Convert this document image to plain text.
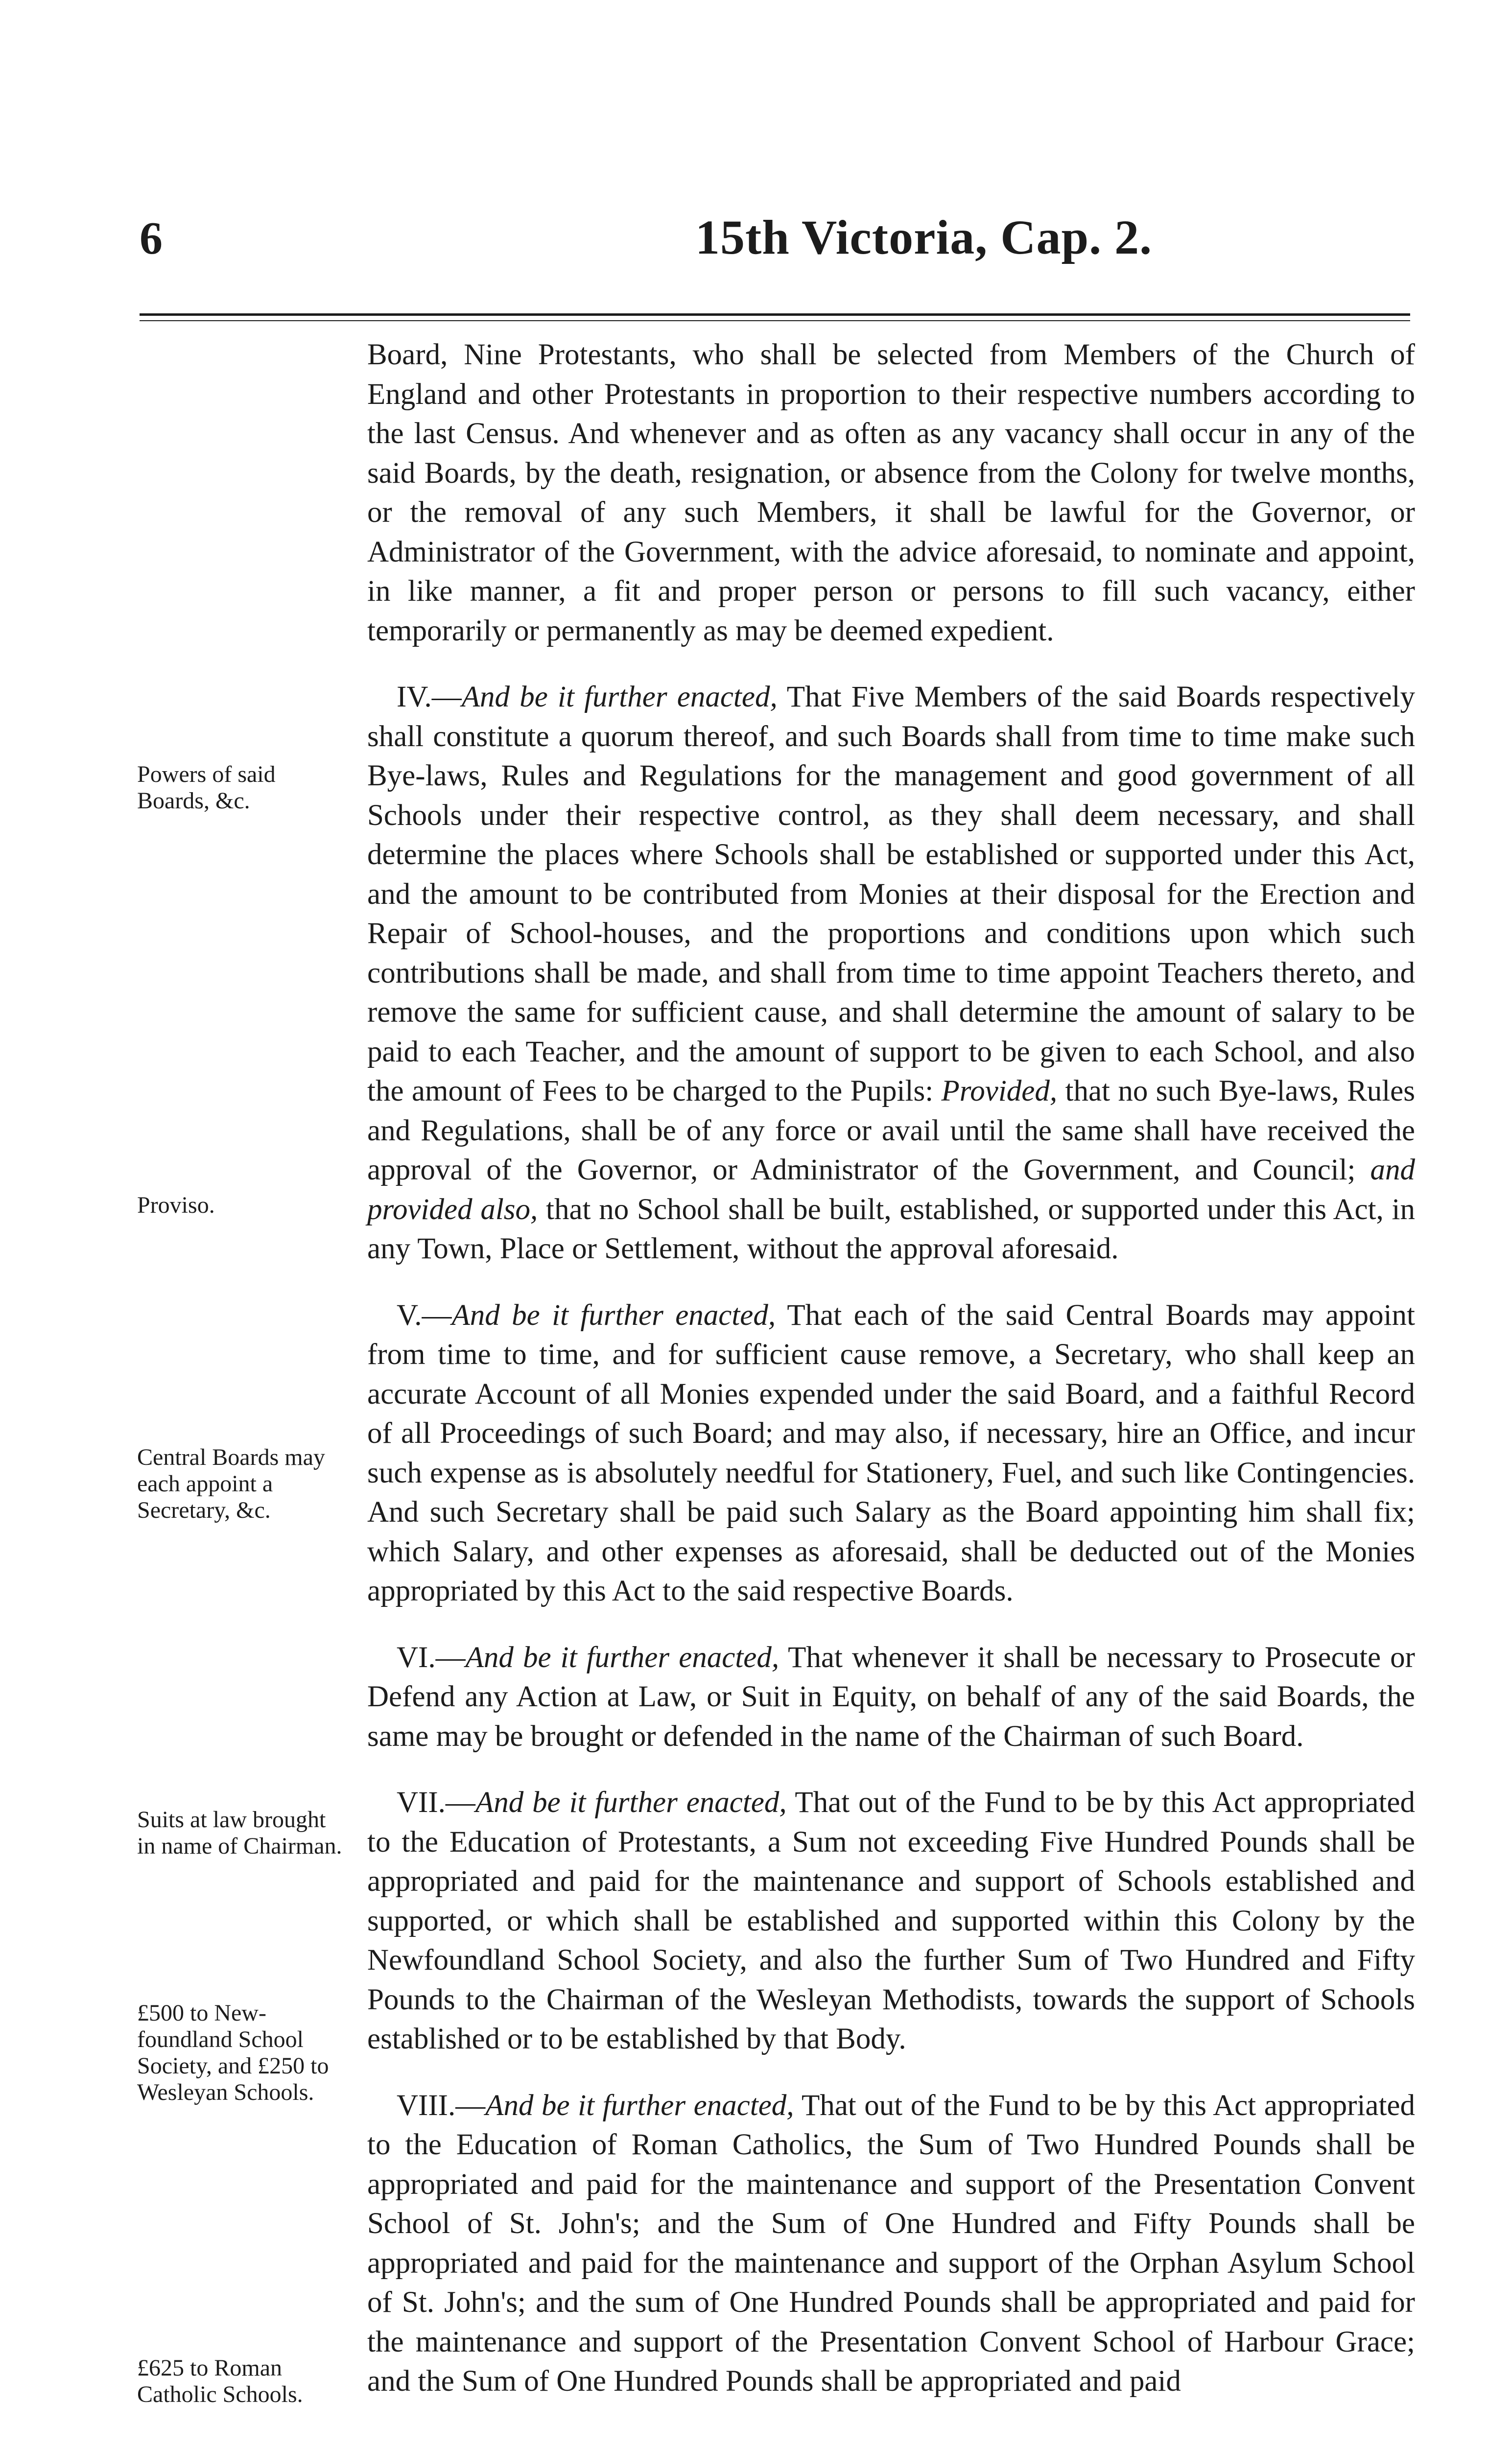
6	15th Victoria, Cap. 2.
Powers of said Boards, &c.
Proviso.
Central Boards may each appoint a Secretary, &c.
Suits at law brought in name of Chairman.
£500 to New-foundland School Society, and £250 to Wesleyan Schools.
£625 to Roman Catholic Schools.

Board, Nine Protestants, who shall be selected from Members of the Church of England and other Protestants in proportion to their respective numbers according to the last Census. And whenever and as often as any vacancy shall occur in any of the said Boards, by the death, resignation, or absence from the Colony for twelve months, or the removal of any such Members, it shall be lawful for the Governor, or Administrator of the Government, with the advice aforesaid, to nominate and appoint, in like manner, a fit and proper person or persons to fill such vacancy, either temporarily or permanently as may be deemed expedient.

IV.—And be it further enacted, That Five Members of the said Boards respectively shall constitute a quorum thereof, and such Boards shall from time to time make such Bye-laws, Rules and Regulations for the management and good government of all Schools under their respective control, as they shall deem necessary, and shall determine the places where Schools shall be established or supported under this Act, and the amount to be contributed from Monies at their disposal for the Erection and Repair of School-houses, and the proportions and conditions upon which such contributions shall be made, and shall from time to time appoint Teachers thereto, and remove the same for sufficient cause, and shall determine the amount of salary to be paid to each Teacher, and the amount of support to be given to each School, and also the amount of Fees to be charged to the Pupils: Provided, that no such Bye-laws, Rules and Regulations, shall be of any force or avail until the same shall have received the approval of the Governor, or Administrator of the Government, and Council; and provided also, that no School shall be built, established, or supported under this Act, in any Town, Place or Settlement, without the approval aforesaid.

V.—And be it further enacted, That each of the said Central Boards may appoint from time to time, and for sufficient cause remove, a Secretary, who shall keep an accurate Account of all Monies expended under the said Board, and a faithful Record of all Proceedings of such Board; and may also, if necessary, hire an Office, and incur such expense as is absolutely needful for Stationery, Fuel, and such like Contingencies. And such Secretary shall be paid such Salary as the Board appointing him shall fix; which Salary, and other expenses as aforesaid, shall be deducted out of the Monies appropriated by this Act to the said respective Boards.

VI.—And be it further enacted, That whenever it shall be necessary to Prosecute or Defend any Action at Law, or Suit in Equity, on behalf of any of the said Boards, the same may be brought or defended in the name of the Chairman of such Board.

VII.—And be it further enacted, That out of the Fund to be by this Act appropriated to the Education of Protestants, a Sum not exceeding Five Hundred Pounds shall be appropriated and paid for the maintenance and support of Schools established and supported, or which shall be established and supported within this Colony by the Newfoundland School Society, and also the further Sum of Two Hundred and Fifty Pounds to the Chairman of the Wesleyan Methodists, towards the support of Schools established or to be established by that Body.

VIII.—And be it further enacted, That out of the Fund to be by this Act appropriated to the Education of Roman Catholics, the Sum of Two Hundred Pounds shall be appropriated and paid for the maintenance and support of the Presentation Convent School of St. John's; and the Sum of One Hundred and Fifty Pounds shall be appropriated and paid for the maintenance and support of the Orphan Asylum School of St. John's; and the sum of One Hundred Pounds shall be appropriated and paid for the maintenance and support of the Presentation Convent School of Harbour Grace; and the Sum of One Hundred Pounds shall be appropriated and paid
